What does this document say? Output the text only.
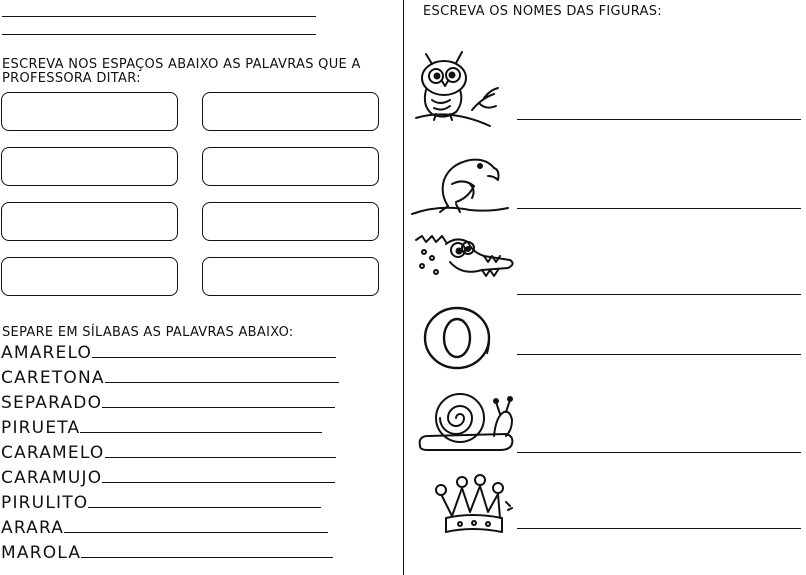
ESCREVA NOS ESPAÇOS ABAIXO AS PALAVRAS QUE A PROFESSORA DITAR:
SEPARE EM SÍLABAS AS PALAVRAS ABAIXO:
AMARELO
CARETONA
SEPARADO
PIRUETA
CARAMELO
CARAMUJO
PIRULITO
ARARA
MAROLA
ESCREVA OS NOMES DAS FIGURAS:
